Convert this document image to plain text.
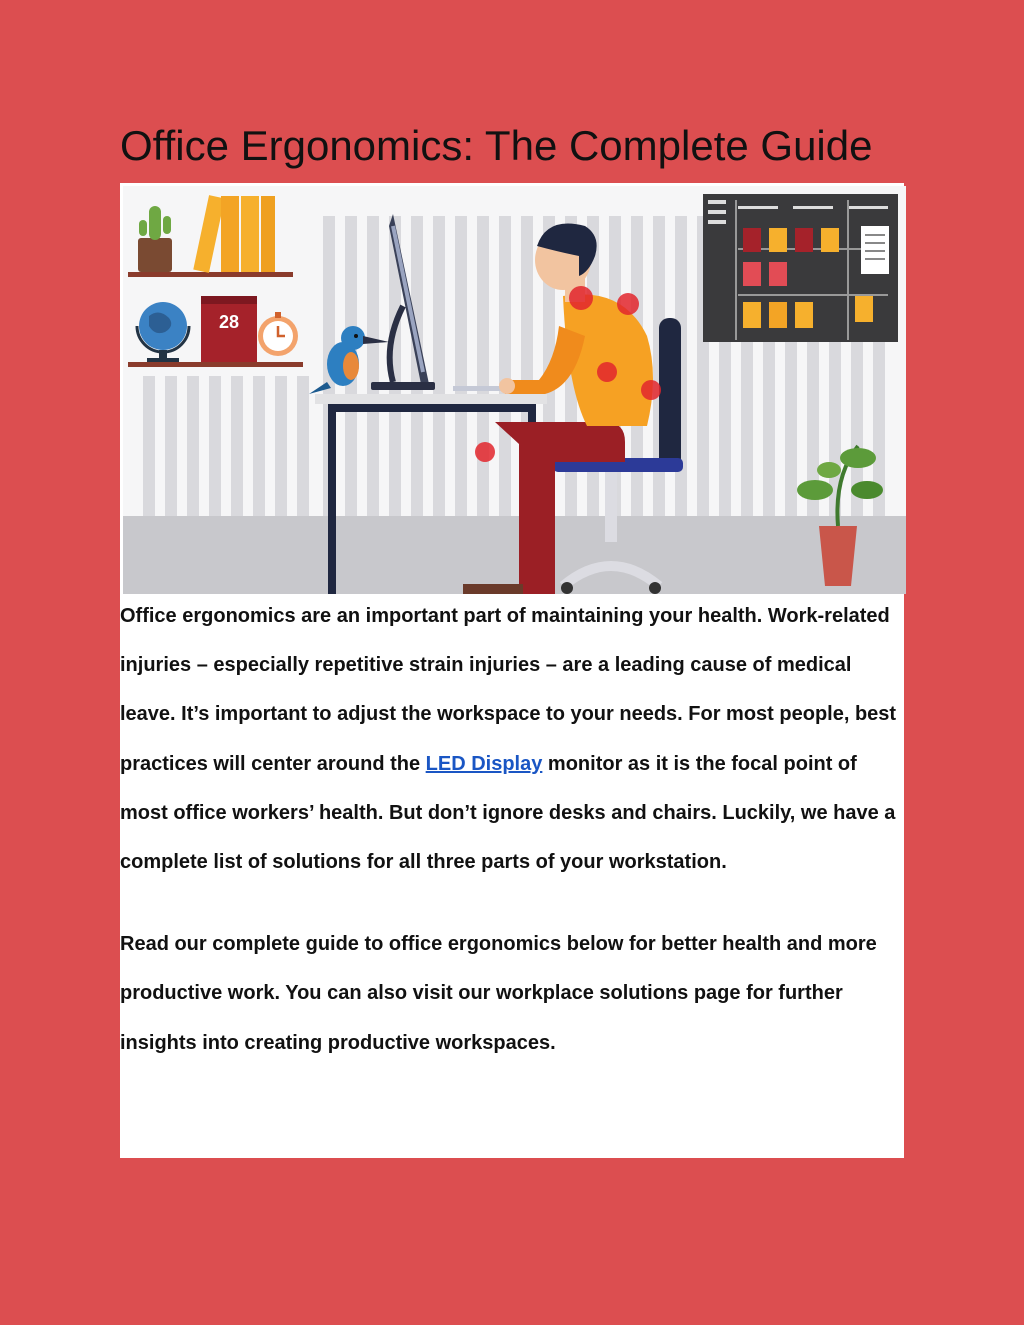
Office Ergonomics: The Complete Guide
28

Office ergonomics are an important part of maintaining your health. Work-related injuries – especially repetitive strain injuries – are a leading cause of medical leave. It’s important to adjust the workspace to your needs. For most people, best practices will center around the LED Display monitor as it is the focal point of most office workers’ health. But don’t ignore desks and chairs. Luckily, we have a complete list of solutions for all three parts of your workstation.

Read our complete guide to office ergonomics below for better health and more productive work. You can also visit our workplace solutions page for further insights into creating productive workspaces.
